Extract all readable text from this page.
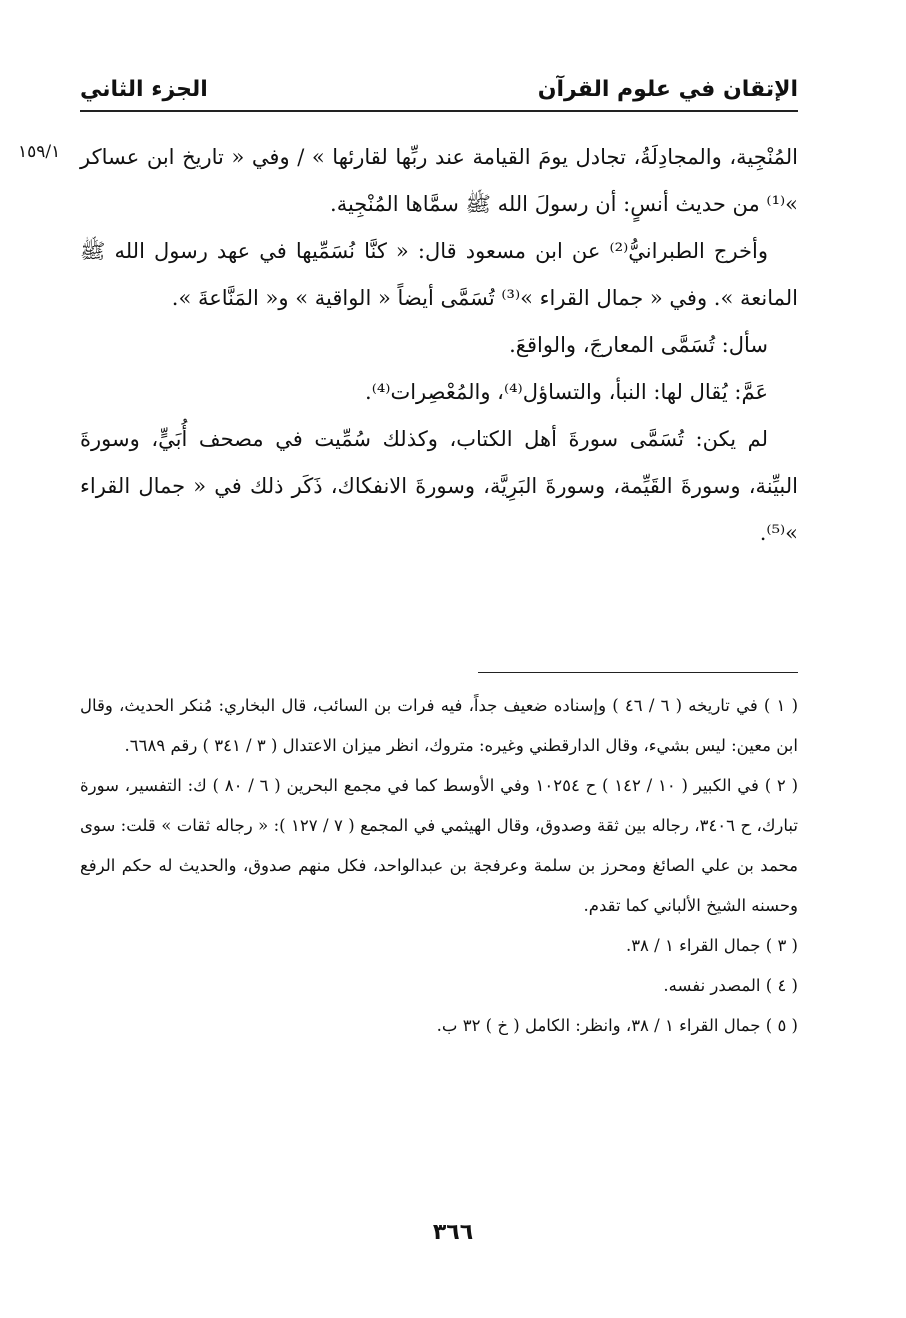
الإتقان في علوم القرآن
الجزء الثاني
١٥٩/١ المُنْجِية، والمجادِلَةُ، تجادل يومَ القيامة عند ربِّها لقارئها » / وفي « تاريخ ابن عساكر »⁽¹⁾ من حديث أنسٍ: أن رسولَ الله ﷺ سمَّاها المُنْجِية.

وأخرج الطبرانيُّ⁽²⁾ عن ابن مسعود قال: « كنَّا نُسَمِّيها في عهد رسول الله ﷺ المانعة ». وفي « جمال القراء »⁽³⁾ تُسَمَّى أيضاً « الواقية » و« المَنَّاعةَ ».

سأل: تُسَمَّى المعارجَ، والواقعَ.

عَمَّ: يُقال لها: النبأ، والتساؤل⁽⁴⁾، والمُعْصِرات⁽⁴⁾.

لم يكن: تُسَمَّى سورةَ أهل الكتاب، وكذلك سُمِّيت في مصحف أُبَيٍّ، وسورةَ البيِّنة، وسورةَ القَيِّمة، وسورةَ البَرِيَّة، وسورةَ الانفكاك، ذَكَر ذلك في « جمال القراء »⁽⁵⁾.

( ١ ) في تاريخه ( ٦ / ٤٦ ) وإسناده ضعيف جداً، فيه فرات بن السائب، قال البخاري: مُنكر الحديث، وقال ابن معين: ليس بشيء، وقال الدارقطني وغيره: متروك، انظر ميزان الاعتدال ( ٣ / ٣٤١ ) رقم ٦٦٨٩.

( ٢ ) في الكبير ( ١٠ / ١٤٢ ) ح ١٠٢٥٤ وفي الأوسط كما في مجمع البحرين ( ٦ / ٨٠ ) ك: التفسير، سورة تبارك، ح ٣٤٠٦، رجاله بين ثقة وصدوق، وقال الهيثمي في المجمع ( ٧ / ١٢٧ ): « رجاله ثقات » قلت: سوى محمد بن علي الصائغ ومحرز بن سلمة وعرفجة بن عبدالواحد، فكل منهم صدوق، والحديث له حكم الرفع وحسنه الشيخ الألباني كما تقدم.

( ٣ ) جمال القراء ١ / ٣٨.

( ٤ ) المصدر نفسه.

( ٥ ) جمال القراء ١ / ٣٨، وانظر: الكامل ( خ ) ٣٢ ب.

٣٦٦
